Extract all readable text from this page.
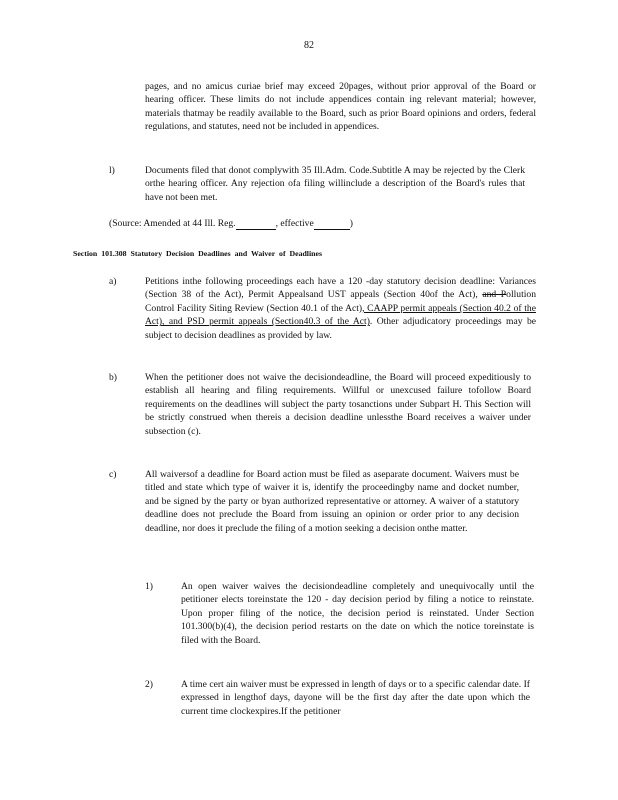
82

pages, and no amicus curiae brief may exceed 20pages, without prior approval of the Board or hearing officer. These limits do not include appendices contain ing relevant material; however, materials thatmay be readily available to the Board, such as prior Board opinions and orders, federal regulations, and statutes, need not be included in appendices.

l)	Documents filed that donot complywith 35 Ill.Adm. Code.Subtitle A may be rejected by the Clerk orthe hearing officer. Any rejection ofa filing willinclude a description of the Board's rules that have not been met.

(Source: Amended at 44 Ill. Reg.	, effective	)
Section 101.308 Statutory Decision Deadlines and Waiver of Deadlines
a)	Petitions inthe following proceedings each have a 120 -day statutory decision deadline: Variances (Section 38 of the Act), Permit Appealsand UST appeals (Section 40of the Act), and Pollution Control Facility Siting Review (Section 40.1 of the Act), CAAPP permit appeals (Section 40.2 of the Act), and PSD permit appeals (Section40.3 of the Act). Other adjudicatory proceedings may be subject to decision deadlines as provided by law.

b)	When the petitioner does not waive the decisiondeadline, the Board will proceed expeditiously to establish all hearing and filing requirements. Willful or unexcused failure tofollow Board requirements on the deadlines will subject the party tosanctions under Subpart H. This Section will be strictly construed when thereis a decision deadline unlessthe Board receives a waiver under subsection (c).

c)	All waiversof a deadline for Board action must be filed as aseparate document. Waivers must be titled and state which type of waiver it is, identify the proceedingby name and docket number, and be signed by the party or byan authorized representative or attorney. A waiver of a statutory deadline does not preclude the Board from issuing an opinion or order prior to any decision deadline, nor does it preclude the filing of a motion seeking a decision onthe matter.

1)	An open waiver waives the decisiondeadline completely and unequivocally until the petitioner elects toreinstate the 120 - day decision period by filing a notice to reinstate. Upon proper filing of the notice, the decision period is reinstated. Under Section 101.300(b)(4), the decision period restarts on the date on which the notice toreinstate is filed with the Board.

2)	A time cert ain waiver must be expressed in length of days or to a specific calendar date. If expressed in lengthof days, dayone will be the first day after the date upon which the current time clockexpires.If the petitioner
